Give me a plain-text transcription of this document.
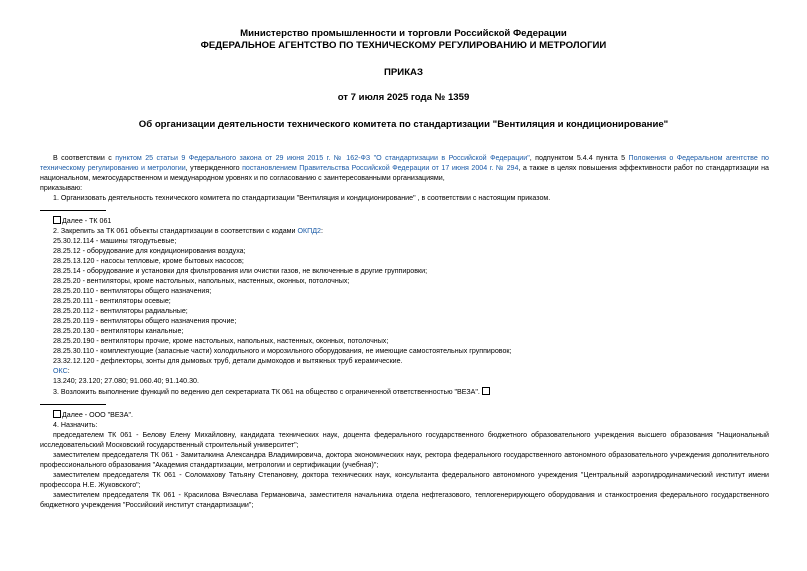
Министерство промышленности и торговли Российской Федерации
ФЕДЕРАЛЬНОЕ АГЕНТСТВО ПО ТЕХНИЧЕСКОМУ РЕГУЛИРОВАНИЮ И МЕТРОЛОГИИ
ПРИКАЗ
от 7 июля 2025 года № 1359
Об организации деятельности технического комитета по стандартизации "Вентиляция и кондиционирование"

В соответствии с пунктом 25 статьи 9 Федерального закона от 29 июня 2015 г. № 162-ФЗ "О стандартизации в Российской Федерации", подпунктом 5.4.4 пункта 5 Положения о Федеральном агентстве по техническому регулированию и метрологии, утвержденного постановлением Правительства Российской Федерации от 17 июня 2004 г. № 294, а также в целях повышения эффективности работ по стандартизации на национальном, межгосударственном и международном уровнях и по согласованию с заинтересованными организациями,

приказываю:

1. Организовать деятельность технического комитета по стандартизации "Вентиляция и кондиционирование" , в соответствии с настоящим приказом.

Далее - ТК 061

2. Закрепить за ТК 061 объекты стандартизации в соответствии с кодами ОКПД2:

25.30.12.114 - машины тягодутьевые;

28.25.12 - оборудование для кондиционирования воздуха;

28.25.13.120 - насосы тепловые, кроме бытовых насосов;

28.25.14 - оборудование и установки для фильтрования или очистки газов, не включенные в другие группировки;

28.25.20 - вентиляторы, кроме настольных, напольных, настенных, оконных, потолочных;

28.25.20.110 - вентиляторы общего назначения;

28.25.20.111 - вентиляторы осевые;

28.25.20.112 - вентиляторы радиальные;

28.25.20.119 - вентиляторы общего назначения прочие;

28.25.20.130 - вентиляторы канальные;

28.25.20.190 - вентиляторы прочие, кроме настольных, напольных, настенных, оконных, потолочных;

28.25.30.110 - комплектующие (запасные части) холодильного и морозильного оборудования, не имеющие самостоятельных группировок;

23.32.12.120 - дефлекторы, зонты для дымовых труб, детали дымоходов и вытяжных труб керамические.

ОКС:

13.240; 23.120; 27.080; 91.060.40; 91.140.30.

3. Возложить выполнение функций по ведению дел секретариата ТК 061 на общество с ограниченной ответственностью "ВЕЗА".

Далее - ООО "ВЕЗА".

4. Назначить:

председателем ТК 061 - Белову Елену Михайловну, кандидата технических наук, доцента федерального государственного бюджетного образовательного учреждения высшего образования "Национальный исследовательский Московский государственный строительный университет";

заместителем председателя ТК 061 - Замиталкина Александра Владимировича, доктора экономических наук, ректора федерального государственного автономного образовательного учреждения дополнительного профессионального образования "Академия стандартизации, метрологии и сертификации (учебная)";

заместителем председателя ТК 061 - Соломахову Татьяну Степановну, доктора технических наук, консультанта федерального автономного учреждения "Центральный аэрогидродинамический институт имени профессора Н.Е. Жуковского";

заместителем председателя ТК 061 - Красилова Вячеслава Германовича, заместителя начальника отдела нефтегазового, теплогенерирующего оборудования и станкостроения федерального государственного бюджетного учреждения "Российский институт стандартизации";
